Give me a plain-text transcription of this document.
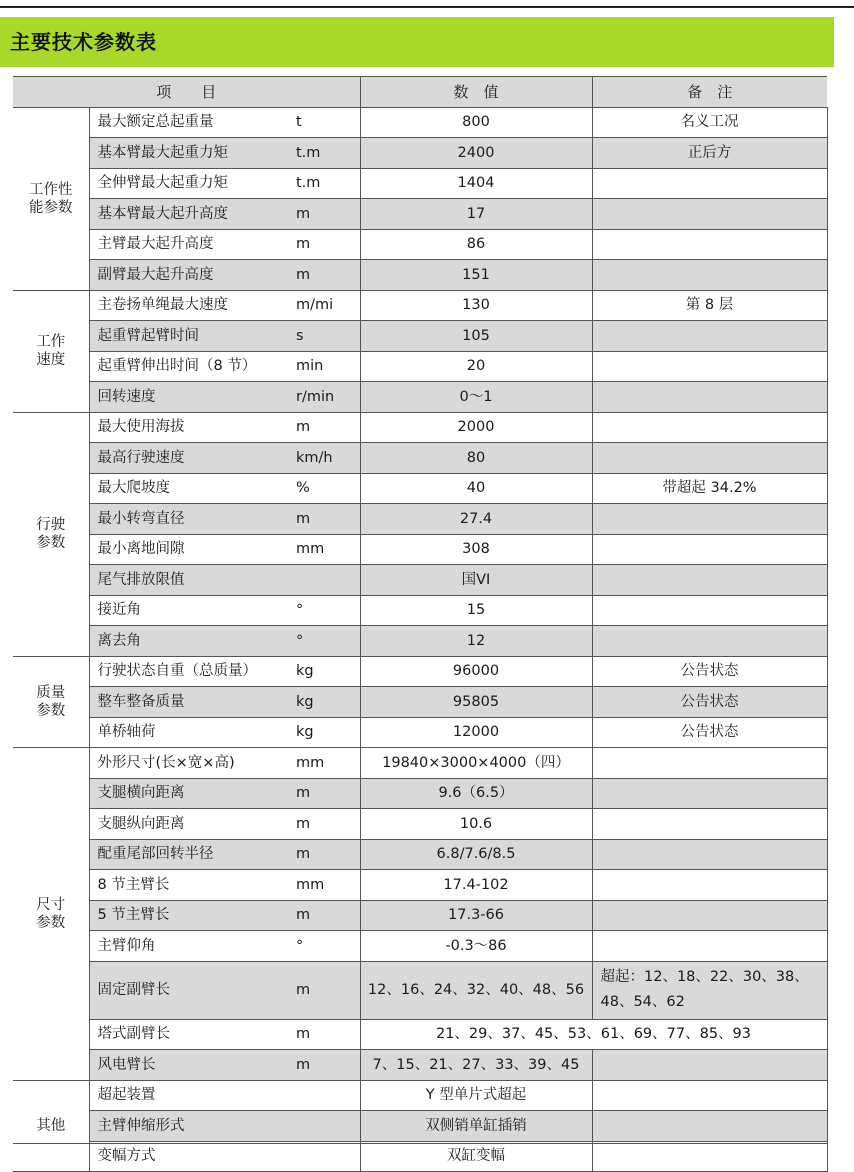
主要技术参数表
项　　目			数　值	备　注
工作性
能参数	最大额定总起重量	t	800	名义工况
	基本臂最大起重力矩	t.m	2400	正后方
	全伸臂最大起重力矩	t.m	1404	
	基本臂最大起升高度	m	17	
	主臂最大起升高度	m	86	
	副臂最大起升高度	m	151	
工作
速度	主卷扬单绳最大速度	m/mi	130	第 8 层
	起重臂起臂时间	s	105	
	起重臂伸出时间（8 节）	min	20	
	回转速度	r/min	0～1	
行驶
参数	最大使用海拔	m	2000	
	最高行驶速度	km/h	80	
	最大爬坡度	%	40	带超起 34.2%
	最小转弯直径	m	27.4	
	最小离地间隙	mm	308	
	尾气排放限值		国VI	
	接近角	°	15	
	离去角	°	12	
质量
参数	行驶状态自重（总质量）	kg	96000	公告状态
	整车整备质量	kg	95805	公告状态
	单桥轴荷	kg	12000	公告状态
尺寸
参数	外形尺寸(长×宽×高)	mm	19840×3000×4000（四）	
	支腿横向距离	m	9.6（6.5）	
	支腿纵向距离	m	10.6	
	配重尾部回转半径	m	6.8/7.6/8.5	
	8 节主臂长	mm	17.4-102	
	5 节主臂长	m	17.3-66	
	主臂仰角	°	-0.3～86	
	固定副臂长	m	12、16、24、32、40、48、56	超起：12、18、22、30、38、48、54、62
	塔式副臂长	m	21、29、37、45、53、61、69、77、85、93	
	风电臂长	m	7、15、21、27、33、39、45	
其他	超起装置		Y 型单片式超起	
	主臂伸缩形式		双侧销单缸插销	
	变幅方式		双缸变幅	
